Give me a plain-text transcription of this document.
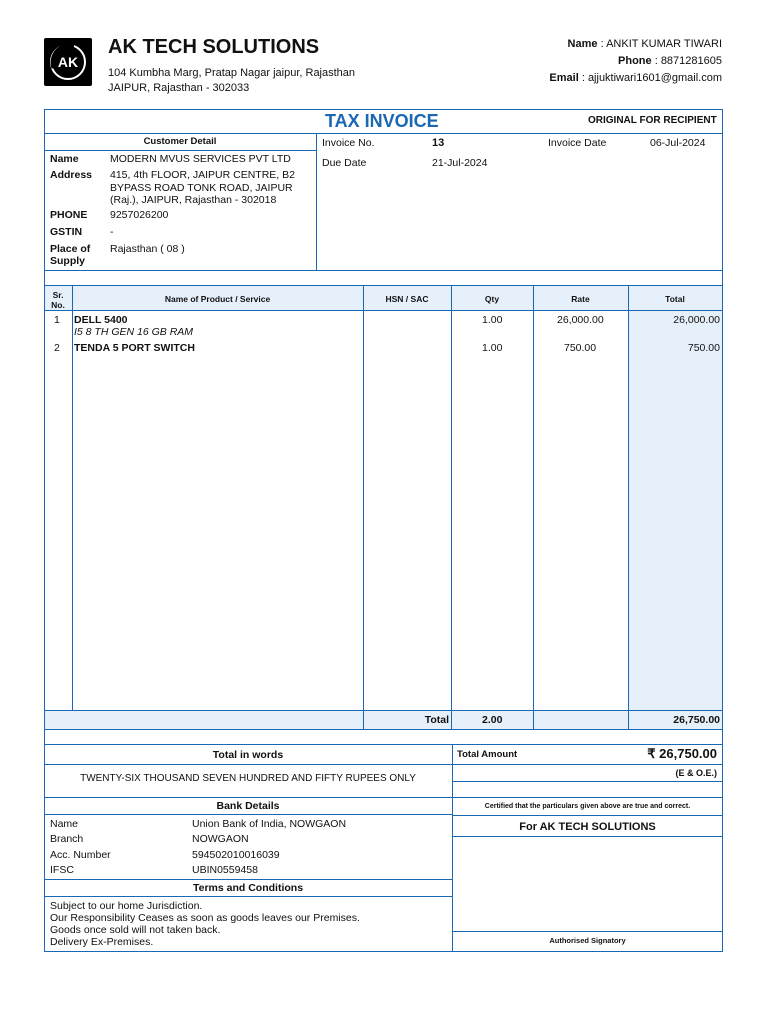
AK
AK TECH SOLUTIONS
104 Kumbha Marg, Pratap Nagar jaipur, Rajasthan
JAIPUR, Rajasthan - 302033
Name : ANKIT KUMAR TIWARI
Phone : 8871281605
Email : ajjuktiwari1601@gmail.com
TAX INVOICE	ORIGINAL FOR RECIPIENT
Customer Detail
Name	MODERN MVUS SERVICES PVT LTD
Address 415, 4th FLOOR, JAIPUR CENTRE, B2
BYPASS ROAD TONK ROAD, JAIPUR
(Raj.), JAIPUR, Rajasthan - 302018
PHONE 9257026200
GSTIN	-
Place of
Supply
Rajasthan ( 08 )
Invoice No.	13	Invoice Date	06-Jul-2024
Due Date	21-Jul-2024
Sr.
No.
Name of Product / Service	HSN / SAC	Qty	Rate	Total
1 DELL 5400
I5 8 TH GEN 16 GB RAM
1.00	26,000.00	26,000.00
2 TENDA 5 PORT SWITCH	1.00	750.00	750.00
Total	2.00	26,750.00
Total in words
TWENTY-SIX THOUSAND SEVEN HUNDRED AND FIFTY RUPEES ONLY
Total Amount	₹ 26,750.00
(E & O.E.)
Bank Details
Name	Union Bank of India, NOWGAON
Branch	NOWGAON
Acc. Number	594502010016039
IFSC	UBIN0559458
Terms and Conditions
Subject to our home Jurisdiction.
Our Responsibility Ceases as soon as goods leaves our Premises.
Goods once sold will not taken back.
Delivery Ex-Premises.
Certified that the particulars given above are true and correct.
For AK TECH SOLUTIONS
Authorised Signatory
